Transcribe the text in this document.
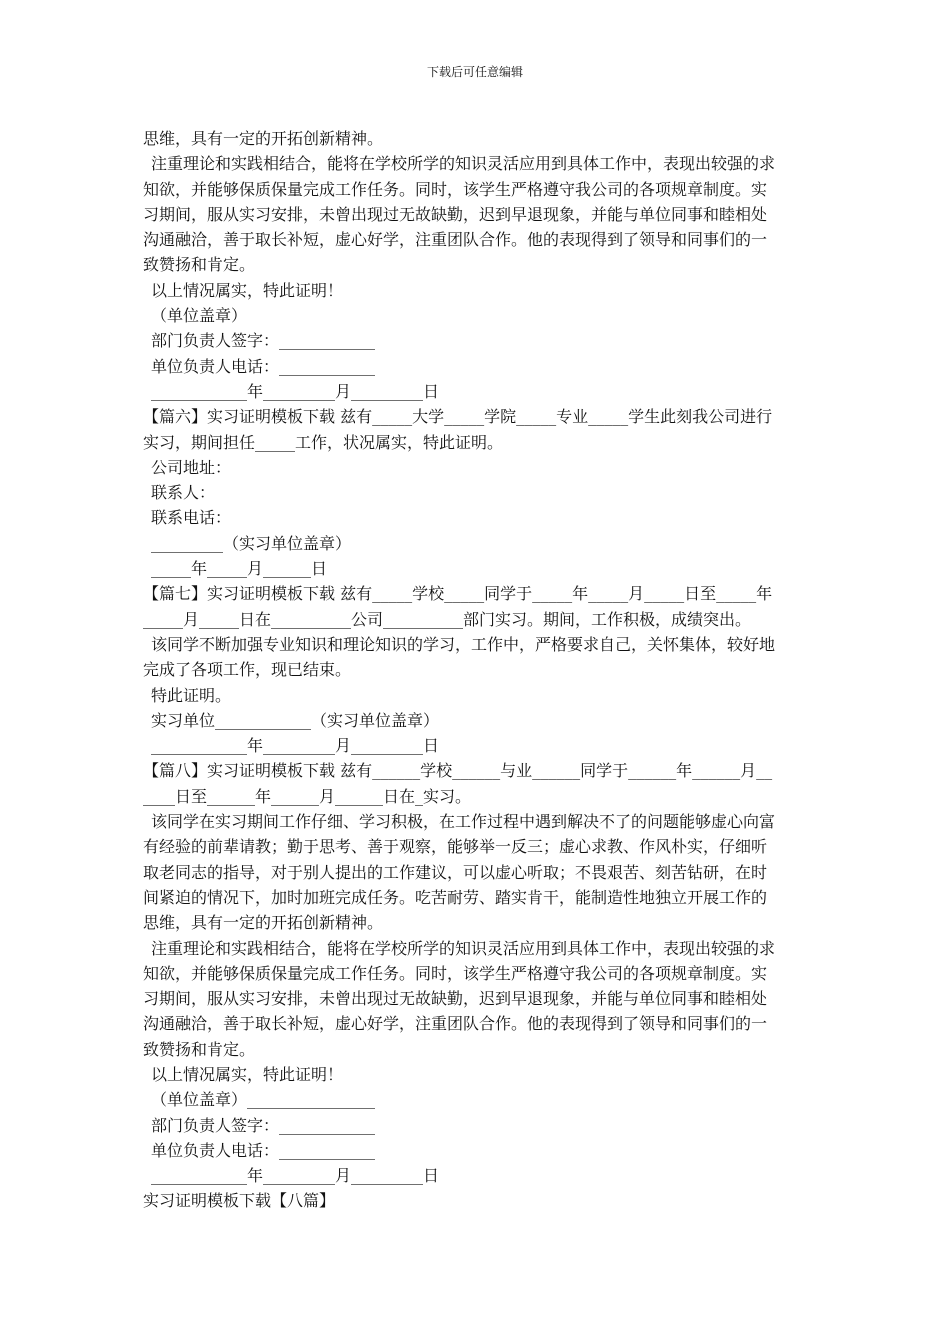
下载后可任意编辑
思维，具有一定的开拓创新精神。
注重理论和实践相结合，能将在学校所学的知识灵活应用到具体工作中，表现出较强的求
知欲，并能够保质保量完成工作任务。同时，该学生严格遵守我公司的各项规章制度。实
习期间，服从实习安排，未曾出现过无故缺勤，迟到早退现象，并能与单位同事和睦相处
沟通融洽，善于取长补短，虚心好学，注重团队合作。他的表现得到了领导和同事们的一
致赞扬和肯定。
以上情况属实，特此证明！
（单位盖章）
部门负责人签字：____________
单位负责人电话：____________
____________年_________月_________日
【篇六】实习证明模板下载 兹有_____大学_____学院_____专业_____学生此刻我公司进行
实习，期间担任_____工作，状况属实，特此证明。
公司地址：
联系人：
联系电话：
_________（实习单位盖章）
_____年_____月______日
【篇七】实习证明模板下载 兹有_____学校_____同学于_____年_____月_____日至_____年
_____月_____日在__________公司__________部门实习。期间，工作积极，成绩突出。
该同学不断加强专业知识和理论知识的学习，工作中，严格要求自己，关怀集体，较好地
完成了各项工作，现已结束。
特此证明。
实习单位____________（实习单位盖章）
____________年_________月_________日
【篇八】实习证明模板下载 兹有______学校______与业______同学于______年______月__
____日至______年______月______日在_实习。
该同学在实习期间工作仔细、学习积极，在工作过程中遇到解决不了的问题能够虚心向富
有经验的前辈请教；勤于思考、善于观察，能够举一反三；虚心求教、作风朴实，仔细听
取老同志的指导，对于别人提出的工作建议，可以虚心听取；不畏艰苦、刻苦钻研，在时
间紧迫的情况下，加时加班完成任务。吃苦耐劳、踏实肯干，能制造性地独立开展工作的
思维，具有一定的开拓创新精神。
注重理论和实践相结合，能将在学校所学的知识灵活应用到具体工作中，表现出较强的求
知欲，并能够保质保量完成工作任务。同时，该学生严格遵守我公司的各项规章制度。实
习期间，服从实习安排，未曾出现过无故缺勤，迟到早退现象，并能与单位同事和睦相处
沟通融洽，善于取长补短，虚心好学，注重团队合作。他的表现得到了领导和同事们的一
致赞扬和肯定。
以上情况属实，特此证明！
（单位盖章）________________
部门负责人签字：____________
单位负责人电话：____________
____________年_________月_________日
实习证明模板下载【八篇】
